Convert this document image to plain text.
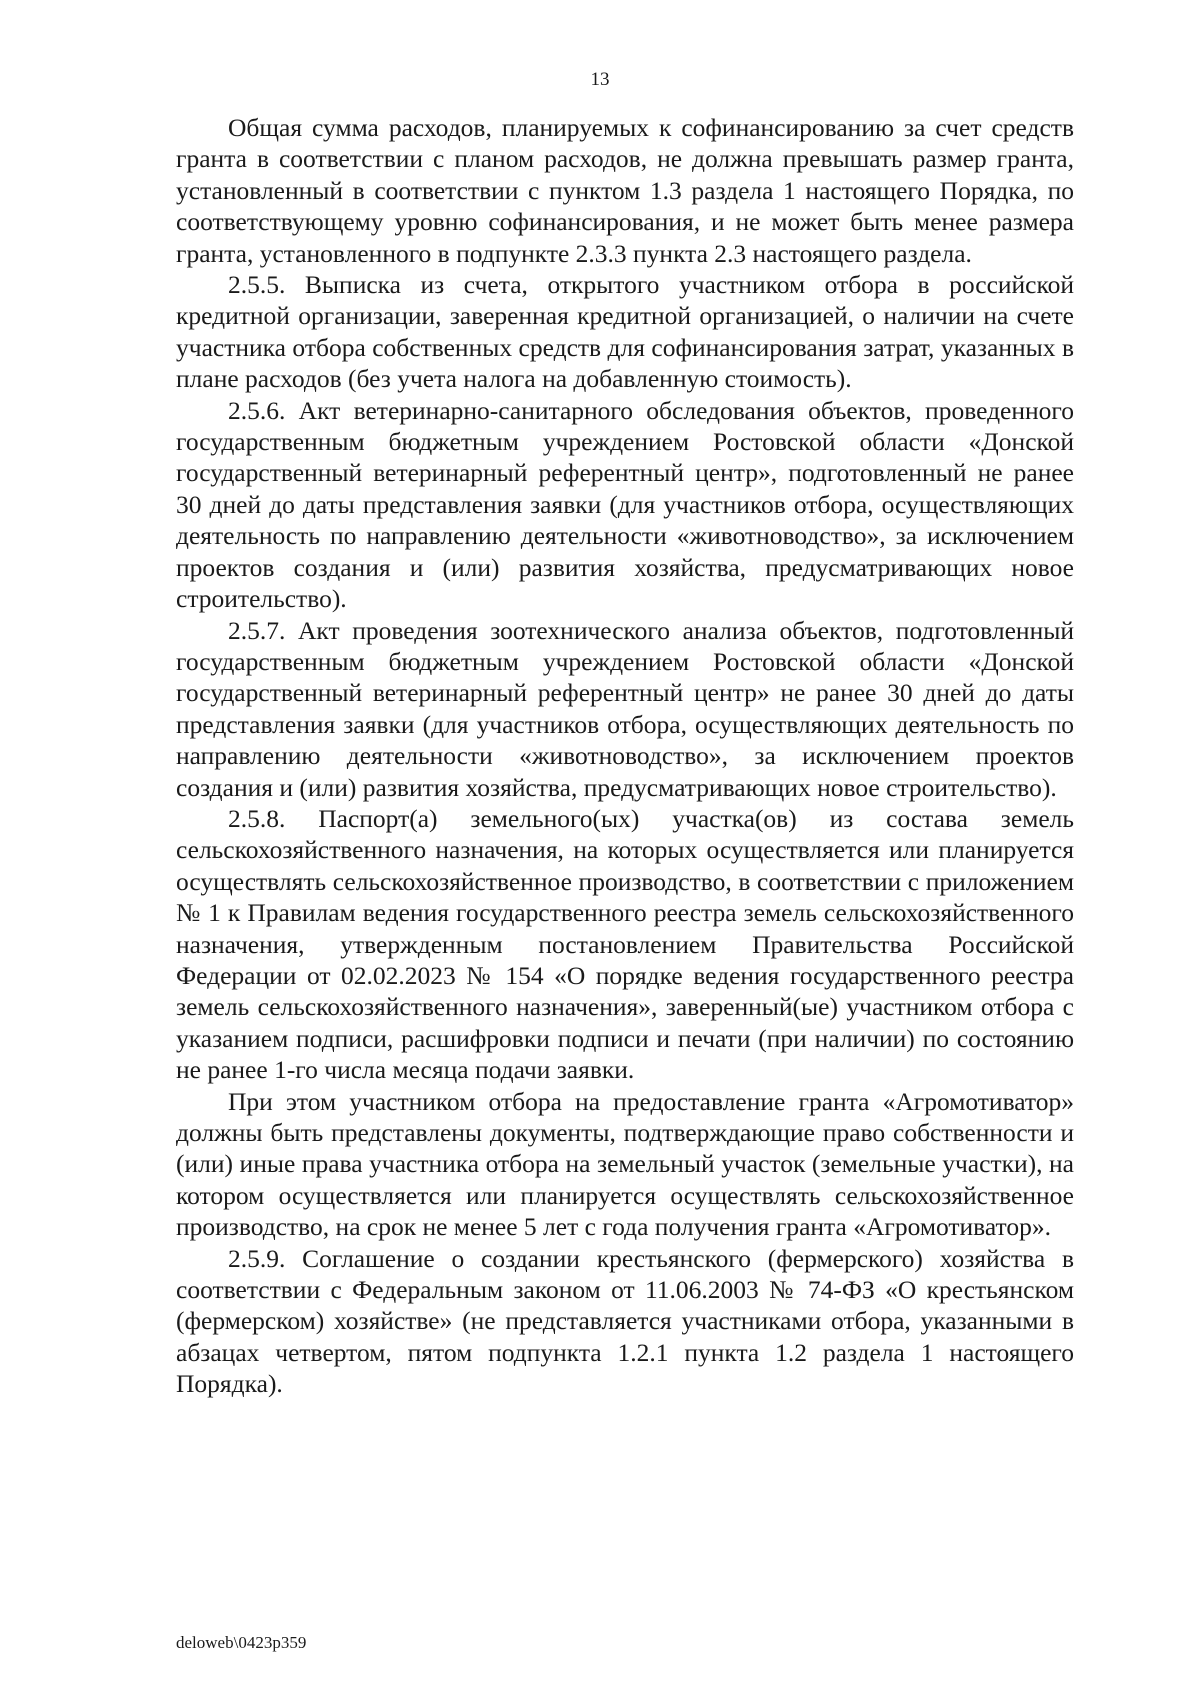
13

Общая сумма расходов, планируемых к софинансированию за счет средств гранта в соответствии с планом расходов, не должна превышать размер гранта, установленный в соответствии с пунктом 1.3 раздела 1 настоящего Порядка, по соответствующему уровню софинансирования, и не может быть менее размера гранта, установленного в подпункте 2.3.3 пункта 2.3 настоящего раздела.

2.5.5. Выписка из счета, открытого участником отбора в российской кредитной организации, заверенная кредитной организацией, о наличии на счете участника отбора собственных средств для софинансирования затрат, указанных в плане расходов (без учета налога на добавленную стоимость).

2.5.6. Акт ветеринарно-санитарного обследования объектов, проведенного государственным бюджетным учреждением Ростовской области «Донской государственный ветеринарный референтный центр», подготовленный не ранее 30 дней до даты представления заявки (для участников отбора, осуществляющих деятельность по направлению деятельности «животноводство», за исключением проектов создания и (или) развития хозяйства, предусматривающих новое строительство).

2.5.7. Акт проведения зоотехнического анализа объектов, подготовленный государственным бюджетным учреждением Ростовской области «Донской государственный ветеринарный референтный центр» не ранее 30 дней до даты представления заявки (для участников отбора, осуществляющих деятельность по направлению деятельности «животноводство», за исключением проектов создания и (или) развития хозяйства, предусматривающих новое строительство).

2.5.8. Паспорт(а) земельного(ых) участка(ов) из состава земель сельскохозяйственного назначения, на которых осуществляется или планируется осуществлять сельскохозяйственное производство, в соответствии с приложением № 1 к Правилам ведения государственного реестра земель сельскохозяйственного назначения, утвержденным постановлением Правительства Российской Федерации от 02.02.2023 № 154 «О порядке ведения государственного реестра земель сельскохозяйственного назначения», заверенный(ые) участником отбора с указанием подписи, расшифровки подписи и печати (при наличии) по состоянию не ранее 1-го числа месяца подачи заявки.

При этом участником отбора на предоставление гранта «Агромотиватор» должны быть представлены документы, подтверждающие право собственности и (или) иные права участника отбора на земельный участок (земельные участки), на котором осуществляется или планируется осуществлять сельскохозяйственное производство, на срок не менее 5 лет с года получения гранта «Агромотиватор».

2.5.9. Соглашение о создании крестьянского (фермерского) хозяйства в соответствии с Федеральным законом от 11.06.2003 № 74-ФЗ «О крестьянском (фермерском) хозяйстве» (не представляется участниками отбора, указанными в абзацах четвертом, пятом подпункта 1.2.1 пункта 1.2 раздела 1 настоящего Порядка).

deloweb\0423p359
